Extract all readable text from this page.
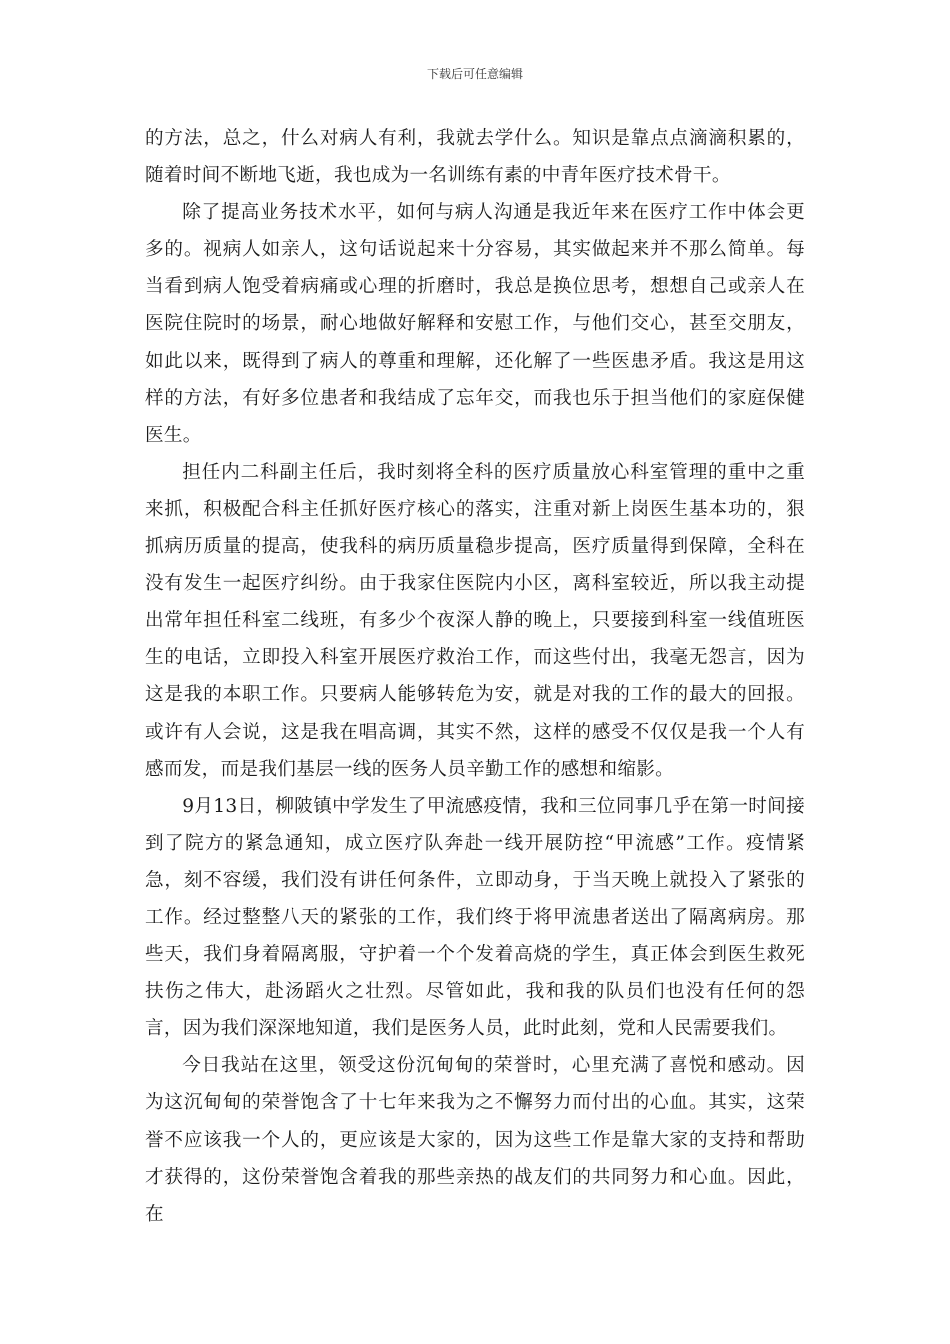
下载后可任意编辑

的方法，总之，什么对病人有利，我就去学什么。知识是靠点点滴滴积累的，随着时间不断地飞逝，我也成为一名训练有素的中青年医疗技术骨干。

除了提高业务技术水平，如何与病人沟通是我近年来在医疗工作中体会更多的。视病人如亲人，这句话说起来十分容易，其实做起来并不那么简单。每当看到病人饱受着病痛或心理的折磨时，我总是换位思考，想想自己或亲人在医院住院时的场景，耐心地做好解释和安慰工作，与他们交心，甚至交朋友，如此以来，既得到了病人的尊重和理解，还化解了一些医患矛盾。我这是用这样的方法，有好多位患者和我结成了忘年交，而我也乐于担当他们的家庭保健医生。

担任内二科副主任后，我时刻将全科的医疗质量放心科室管理的重中之重来抓，积极配合科主任抓好医疗核心的落实，注重对新上岗医生基本功的，狠抓病历质量的提高，使我科的病历质量稳步提高，医疗质量得到保障，全科在没有发生一起医疗纠纷。由于我家住医院内小区，离科室较近，所以我主动提出常年担任科室二线班，有多少个夜深人静的晚上，只要接到科室一线值班医生的电话，立即投入科室开展医疗救治工作，而这些付出，我毫无怨言，因为这是我的本职工作。只要病人能够转危为安，就是对我的工作的最大的回报。或许有人会说，这是我在唱高调，其实不然，这样的感受不仅仅是我一个人有感而发，而是我们基层一线的医务人员辛勤工作的感想和缩影。

9月13日，柳陂镇中学发生了甲流感疫情，我和三位同事几乎在第一时间接到了院方的紧急通知，成立医疗队奔赴一线开展防控“甲流感”工作。疫情紧急，刻不容缓，我们没有讲任何条件，立即动身，于当天晚上就投入了紧张的工作。经过整整八天的紧张的工作，我们终于将甲流患者送出了隔离病房。那些天，我们身着隔离服，守护着一个个发着高烧的学生，真正体会到医生救死扶伤之伟大，赴汤蹈火之壮烈。尽管如此，我和我的队员们也没有任何的怨言，因为我们深深地知道，我们是医务人员，此时此刻，党和人民需要我们。

今日我站在这里，领受这份沉甸甸的荣誉时，心里充满了喜悦和感动。因为这沉甸甸的荣誉饱含了十七年来我为之不懈努力而付出的心血。其实，这荣誉不应该我一个人的，更应该是大家的，因为这些工作是靠大家的支持和帮助才获得的，这份荣誉饱含着我的那些亲热的战友们的共同努力和心血。因此，在
